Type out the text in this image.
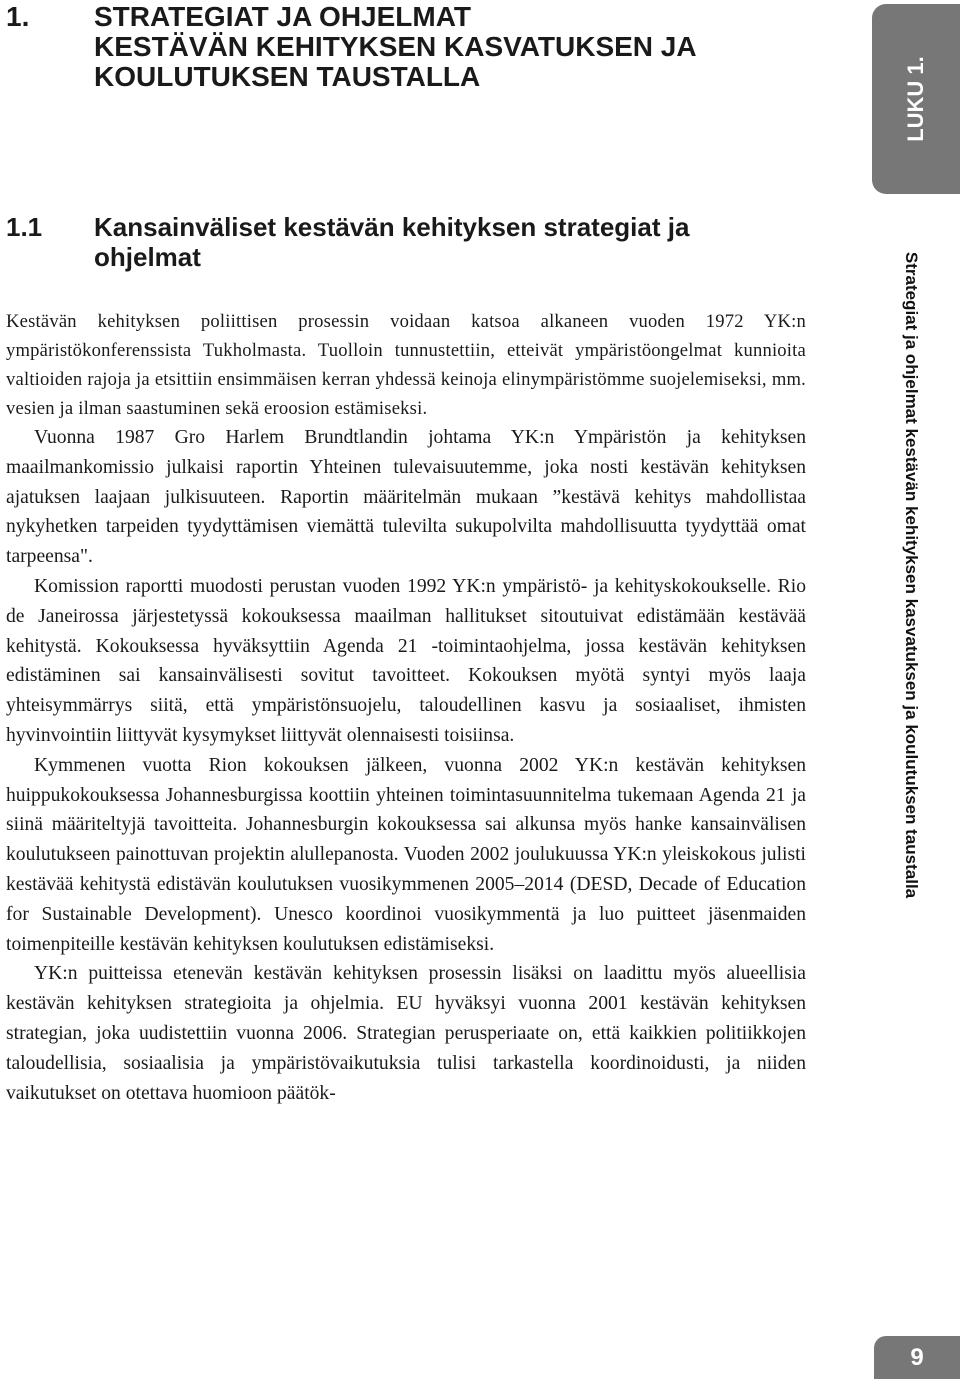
1.	STRATEGIAT JA OHJELMAT
KESTÄVÄN KEHITYKSEN KASVATUKSEN JA
KOULUTUKSEN TAUSTALLA	LUKU 1.
1.1 Kansainväliset kestävän kehityksen strategiat ja
ohjelmat	Strategiat ja ohjelmat kestävän kehityksen kasvatuksen ja koulutuksen taustalla

Kestävän kehityksen poliittisen prosessin voidaan katsoa alkaneen vuoden 1972 YK:n ympäristökonferenssista Tukholmasta. Tuolloin tunnustettiin, etteivät ympäristöongelmat kunnioita valtioiden rajoja ja etsittiin ensimmäisen kerran yhdessä keinoja elinympäristömme suojelemiseksi, mm. vesien ja ilman saastuminen sekä eroosion estämiseksi.

Vuonna 1987 Gro Harlem Brundtlandin johtama YK:n Ympäristön ja kehityksen maailmankomissio julkaisi raportin Yhteinen tulevaisuutemme, joka nosti kestävän kehityksen ajatuksen laajaan julkisuuteen. Raportin määritelmän mukaan ”kestävä kehitys mahdollistaa nykyhetken tarpeiden tyydyttämisen viemättä tulevilta sukupolvilta mahdollisuutta tyydyttää omat tarpeensa".

Komission raportti muodosti perustan vuoden 1992 YK:n ympäristö- ja kehityskokoukselle. Rio de Janeirossa järjestetyssä kokouksessa maailman hallitukset sitoutuivat edistämään kestävää kehitystä. Kokouksessa hyväksyttiin Agenda 21 -toimintaohjelma, jossa kestävän kehityksen edistäminen sai kansainvälisesti sovitut tavoitteet. Kokouksen myötä syntyi myös laaja yhteisymmärrys siitä, että ympäristönsuojelu, taloudellinen kasvu ja sosiaaliset, ihmisten hyvinvointiin liittyvät kysymykset liittyvät olennaisesti toisiinsa.

Kymmenen vuotta Rion kokouksen jälkeen, vuonna 2002 YK:n kestävän kehityksen huippukokouksessa Johannesburgissa koottiin yhteinen toimintasuunnitelma tukemaan Agenda 21 ja siinä määriteltyjä tavoitteita. Johannesburgin kokouksessa sai alkunsa myös hanke kansainvälisen koulutukseen painottuvan projektin alullepanosta. Vuoden 2002 joulukuussa YK:n yleiskokous julisti kestävää kehitystä edistävän koulutuksen vuosikymmenen 2005–2014 (DESD, Decade of Education for Sustainable Development). Unesco koordinoi vuosikymmentä ja luo puitteet jäsenmaiden toimenpiteille kestävän kehityksen koulutuksen edistämiseksi.

YK:n puitteissa etenevän kestävän kehityksen prosessin lisäksi on laadittu myös alueellisia kestävän kehityksen strategioita ja ohjelmia. EU hyväksyi vuonna 2001 kestävän kehityksen strategian, joka uudistettiin vuonna 2006. Strategian perusperiaate on, että kaikkien politiikkojen taloudellisia, sosiaalisia ja ympäristövaikutuksia tulisi tarkastella koordinoidusti, ja niiden vaikutukset on otettava huomioon päätök-

9
